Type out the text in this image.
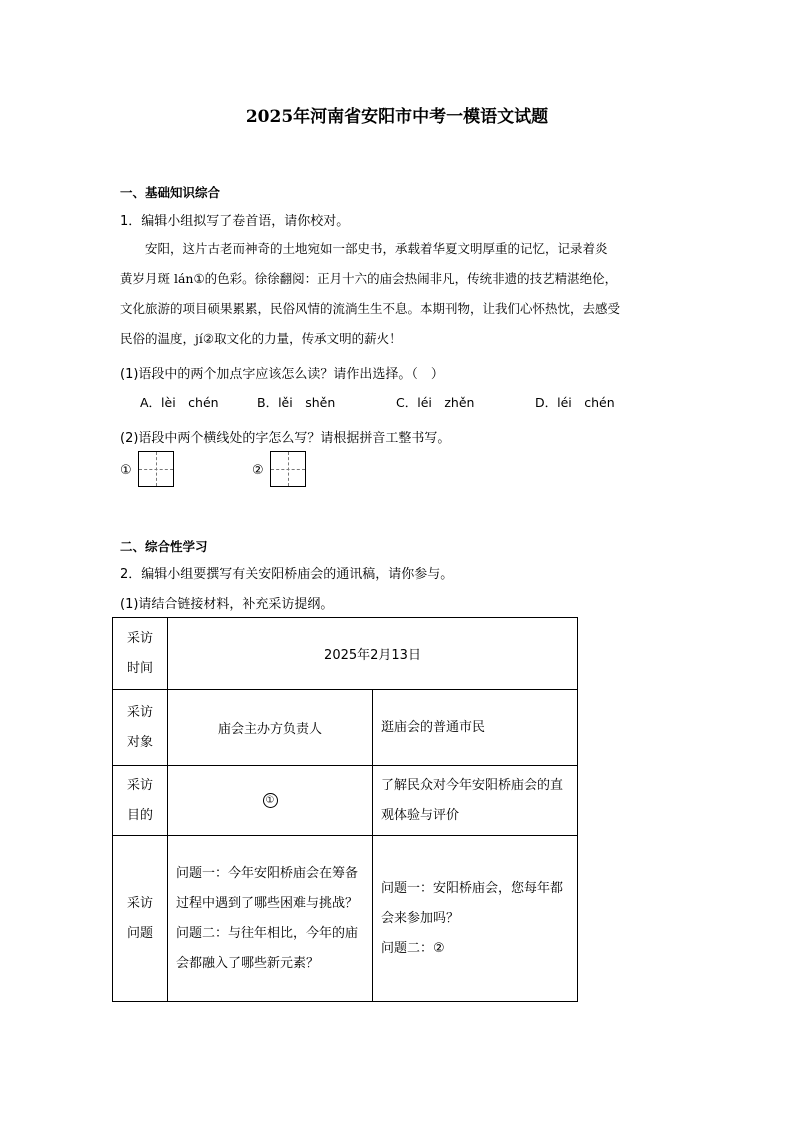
2025年河南省安阳市中考一模语文试题
一、基础知识综合
1．编辑小组拟写了卷首语，请你校对。
　　安阳，这片古老而神奇的土地宛如一部史书，承载着华夏文明厚重的记忆，记录着炎
黄岁月斑 lán①的色彩。徐徐翻阅：正月十六的庙会热闹非凡，传统非遗的技艺精湛绝伦，
文化旅游的项目硕果累累，民俗风情的流淌生生不息。本期刊物，让我们心怀热忱，去感受
民俗的温度，jí②取文化的力量，传承文明的薪火！
(1)语段中的两个加点字应该怎么读？请作出选择。（　）
A．lèi　chén	B．lěi　shěn	C．léi　zhěn	D．léi　chén
(2)语段中两个横线处的字怎么写？请根据拼音工整书写。
①	②
二、综合性学习
2．编辑小组要撰写有关安阳桥庙会的通讯稿，请你参与。
(1)请结合链接材料，补充采访提纲。
采访时间	2025年2月13日	
采访对象	庙会主办方负责人	逛庙会的普通市民
采访目的	①	了解民众对今年安阳桥庙会的直观体验与评价
采访问题	问题一：今年安阳桥庙会在筹备过程中遇到了哪些困难与挑战？问题二：与往年相比，今年的庙会都融入了哪些新元素？	问题一：安阳桥庙会，您每年都会来参加吗？
问题二：②
